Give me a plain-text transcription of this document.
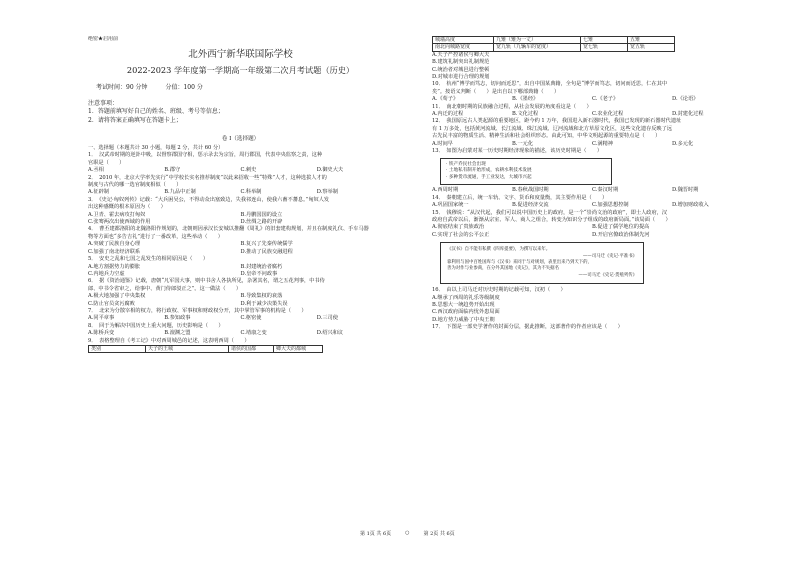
绝密★启用前
北外西宁新华联国际学校
2022-2023 学年度第一学期高一年级第二次月考试题（历史）
考试时间：90 分钟	分值：100 分
注意事项：
1．答题前填写好自己的姓名、班级、考号等信息；
2．请将答案正确填写在答题卡上；
卷 I（选择题）
一、选择题（本题共计 30 小题，每题 2 分，共计 60 分）
1．　汉武帝时期的逆卦中吸，以督察郡国守相，惩示录去为宗旨，周行郡国，代表中央监察之责，这种
官职是（　　）
A.丞相	B.郡守	C.刺史	D.御史大夫
2．　2010 年，北京大学率先实行“中学校长实名推荐制度”以此来招收一些“特殊”人才，这种选拔人才的
制度与古代的哪一选官制度相似（　　）
A.征辟制	B.九品中正制	C.科举制	D.察举制
3．　《史记·匈奴列传》记载：“大兵困吴公，不得动众出塞致边，失我祁连山，使我六畜不蕃息。”匈奴人发
出这种感慨的根本原因为（　　）
A.卫青、霍去病攻打匈奴	B.丹鹏国国的设立
C.张骞两次出使西域的作用	D.丝绸之路的开辟
4．　曹丕建都洛阳的北魏洛阳作规划的，北朝则因承汉长安城以推翻《周礼》的旧套建构规划，并且在制度礼仪、手车马器
物等方面也“多告吉礼”进行了一番改革，这些举动（　　）
A.突破了民族自身心理	B.复兴了先秦传统儒学
C.加强了南北经济联系	D.推动了民族交融进程
5．　安史之乱和七国之乱发生的相同原因是（　　）
A.地方割据势力的膨胀	B.封建统治者腐朽
C.内地兵力空虚	D.皇帝不问政事
6．　据《资治通鉴》记载，唐朝“凡军国大事，则中书舍人各执所见，杂署其名，谓之五花判事，中书侍
郎、中书令省审之，给事中、黄门侍郎驳正之”。这一做法（　　）
A.极大地加强了中央集权	B.导致集权的衰落
C.防止官员贪污腐败	D.利于减少决策失误
7．　北宋为分散宰相的权力，将行政权、军事权和财政权分开，其中掌管军事的机构是（　　）
A.同平章事	B.参知政事	C.枢密使	D.三司使
8．　回于为解决中国历史上重大问题，历史影响是（　　）
A.陈桥兵变	B.澶渊之盟	C.靖康之变	D.绍兴和议
9．　表格整理自《考工记》中对西周城邑的记述，这表明西周（　　）
类别	天子的王城	诸侯的国都	卿大夫的都城
城墙高度	九雉（雉为一丈）	七雉	五雉
南北向城路宽度	宽九轨（九辆车的宽度）	宽七轨	宽五轨
A.天子严控诸侯与卿大夫
B.建筑礼制突出礼制规范
C.统治者对城邑进行整顿
D.对城市进行合理的规划
10．　杭州“博学而笃志，切问而近思”，出自中国某典籍，全句是“博学而笃志，切问而近思，仁在其中
矣”。按语义判断（　　）是出自以下哪部典籍（　　）
A.《荀子》	B.《墨经》	C.《老子》	D.《论语》
11．　南北朝时期的民族融合过程，从社会发展的角度看这是（　　）
A.内迁的过程	B.文化过程	C.农业化过程	D.封建化过程
12．　我国原远古人类起源的重要地区，距今约 1 万年，我国进入新石器时代，我国已发现的新石器时代遗址
有 1 万多处，包括黄河流域、长江流域、珠江流域、辽河流域和北方草原文化区，这些文化遗存反映了远
古先民丰富的物质生活、精神生活和社会组织形态。由此可知，中华文明起源的重要特点是（　　）
A.时间早	B.一元化	C.满精神	D.多元化
13．　如图为启蒙对某一历史时期经济现象的描述，该历史时期是（　　）
· 铁产乔民社会出现
· 土地私有制开始形成，农耕水利技术发展
· 多种货币流通，手工业发达，大城市兴起
A.西周时期	B.春秋战国时期	C.秦汉时期	D.魏晋时期
14．　秦朝建立后，统一车轨、文字、货币和度量衡，其主要作用是（　　）
A.巩固国家统一	B.促进经济交流	C.加强思想控制	D.增加财政收入
15．　钱穆说：“从汉代起，我们可以说中国历史上的政府，是一个“崇尚文治的政府”，即士人政府，汉
政府自武帝以后，渐渐从宗室、军人、商人之组合，转变为知识分子组成的政府新局面。”该局面（　　）
A.彻底结束了贵族政治	B.促进了儒学地位的提高
C.实现了社会的公平公正	D.开启官僚政治体制先河
《汉书》自不能有私撰《四库提要》，为撰写以来年。
——司马迁《史记·平准书》
靠利用与国中百姓国库与《汉书》来同于与对规划，表里出来乃到天下的，
善为对作与业参商，在分外其国地《史记》，其为不失据名
——司马迁《史记·货殖列传》
16．　由以上司马迁对历史时期的记载可知，汉初（　　）
A.继承了西周的礼乐等级制度
B.思想大一统趋势开始出现
C.西汉政府面临内忧外患局面
D.地方势力威胁了中央王朝
17．　下图是一部史学著作的封面分层，据此推断，这部著作的作者应该是（　　）
第 1页 共 6页	○	第 2页 共 6页
